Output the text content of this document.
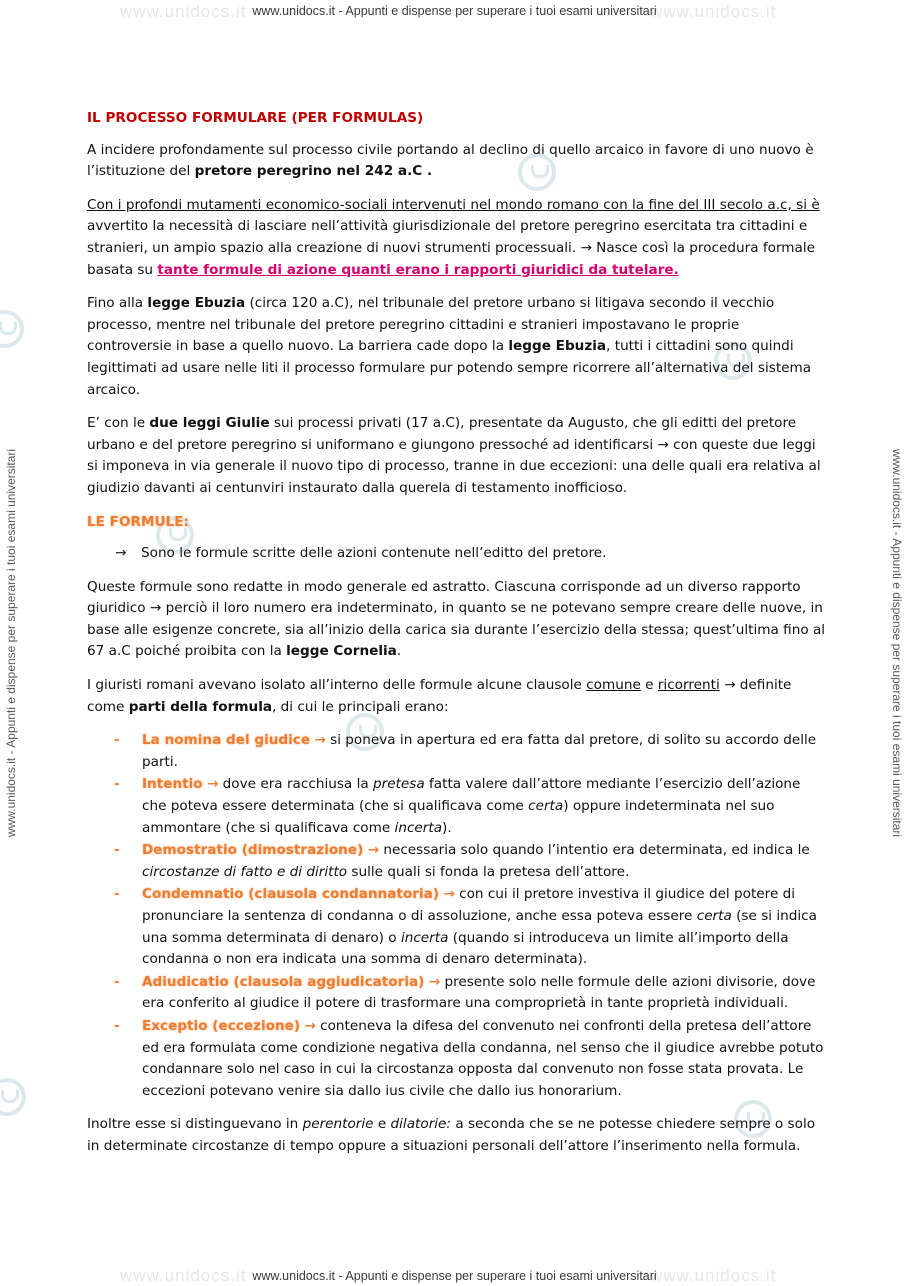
www.unidocs.it	www.unidocs.it
www.unidocs.it - Appunti e dispense per superare i tuoi esami universitari
www.unidocs.it	www.unidocs.it
www.unidocs.it - Appunti e dispense per superare i tuoi esami universitari
www.unidocs.it - Appunti e dispense per superare i tuoi esami universitari	www.unidocs.it - Appunti e dispense per superare i tuoi esami universitari

IL PROCESSO FORMULARE (PER FORMULAS)

A incidere profondamente sul processo civile portando al declino di quello arcaico in favore di uno nuovo è l’istituzione del pretore peregrino nel 242 a.C .

Con i profondi mutamenti economico-sociali intervenuti nel mondo romano con la fine del III secolo a.c, si è avvertito la necessità di lasciare nell’attività giurisdizionale del pretore peregrino esercitata tra cittadini e stranieri, un ampio spazio alla creazione di nuovi strumenti processuali. → Nasce così la procedura formale basata su tante formule di azione quanti erano i rapporti giuridici da tutelare.

Fino alla legge Ebuzia (circa 120 a.C), nel tribunale del pretore urbano si litigava secondo il vecchio processo, mentre nel tribunale del pretore peregrino cittadini e stranieri impostavano le proprie controversie in base a quello nuovo. La barriera cade dopo la legge Ebuzia, tutti i cittadini sono quindi legittimati ad usare nelle liti il processo formulare pur potendo sempre ricorrere all’alternativa del sistema arcaico.

E’ con le due leggi Giulie sui processi privati (17 a.C), presentate da Augusto, che gli editti del pretore urbano e del pretore peregrino si uniformano e giungono pressoché ad identificarsi → con queste due leggi si imponeva in via generale il nuovo tipo di processo, tranne in due eccezioni: una delle quali era relativa al giudizio davanti ai centunviri instaurato dalla querela di testamento inofficioso.

LE FORMULE:

→ Sono le formule scritte delle azioni contenute nell’editto del pretore.

Queste formule sono redatte in modo generale ed astratto. Ciascuna corrisponde ad un diverso rapporto giuridico → perciò il loro numero era indeterminato, in quanto se ne potevano sempre creare delle nuove, in base alle esigenze concrete, sia all’inizio della carica sia durante l’esercizio della stessa; quest’ultima fino al 67 a.C poiché proibita con la legge Cornelia.

I giuristi romani avevano isolato all’interno delle formule alcune clausole comune e ricorrenti → definite come parti della formula, di cui le principali erano:

- La nomina del giudice → si poneva in apertura ed era fatta dal pretore, di solito su accordo delle parti.
- Intentio → dove era racchiusa la pretesa fatta valere dall’attore mediante l’esercizio dell’azione che poteva essere determinata (che si qualificava come certa) oppure indeterminata nel suo ammontare (che si qualificava come incerta).
- Demostratio (dimostrazione) → necessaria solo quando l’intentio era determinata, ed indica le circostanze di fatto e di diritto sulle quali si fonda la pretesa dell’attore.
- Condemnatio (clausola condannatoria) → con cui il pretore investiva il giudice del potere di pronunciare la sentenza di condanna o di assoluzione, anche essa poteva essere certa (se si indica una somma determinata di denaro) o incerta (quando si introduceva un limite all’importo della condanna o non era indicata una somma di denaro determinata).
- Adiudicatio (clausola aggiudicatoria) → presente solo nelle formule delle azioni divisorie, dove era conferito al giudice il potere di trasformare una comproprietà in tante proprietà individuali.
- Exceptio (eccezione) → conteneva la difesa del convenuto nei confronti della pretesa dell’attore ed era formulata come condizione negativa della condanna, nel senso che il giudice avrebbe potuto condannare solo nel caso in cui la circostanza opposta dal convenuto non fosse stata provata. Le eccezioni potevano venire sia dallo ius civile che dallo ius honorarium.

Inoltre esse si distinguevano in perentorie e dilatorie: a seconda che se ne potesse chiedere sempre o solo in determinate circostanze di tempo oppure a situazioni personali dell’attore l’inserimento nella formula.
